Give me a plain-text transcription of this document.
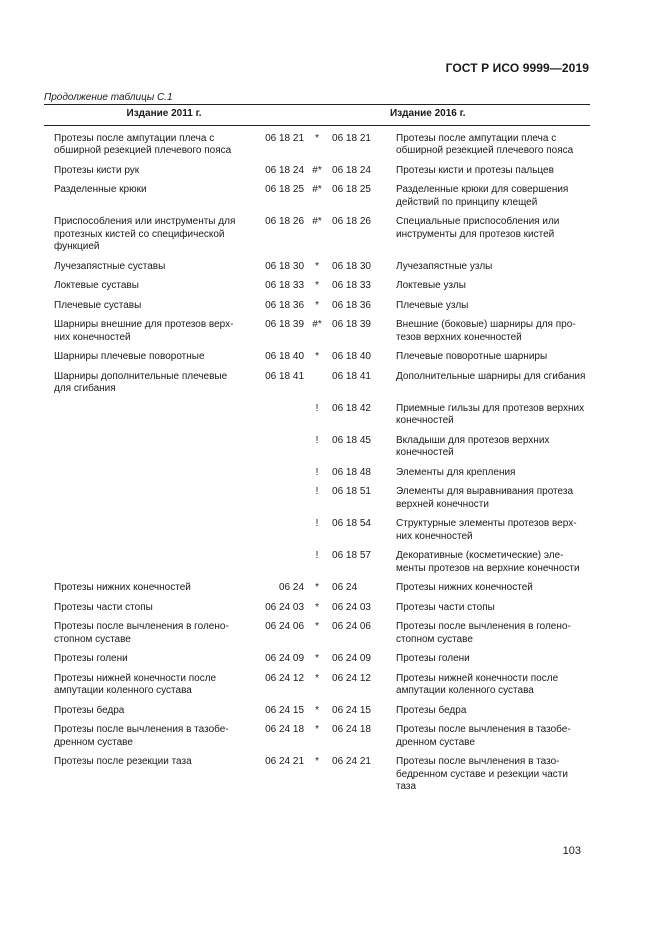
ГОСТ Р ИСО 9999—2019
Продолжение таблицы С.1
Издание 2011 г.			Издание 2016 г.	
Протезы после ампутации плеча с обширной резекцией плечевого пояса	06 18 21	*	06 18 21	Протезы после ампутации плеча с обширной резекцией плечевого пояса
Протезы кисти рук	06 18 24	#*	06 18 24	Протезы кисти и протезы пальцев
Разделенные крюки	06 18 25	#*	06 18 25	Разделенные крюки для совершения действий по принципу клещей
Приспособления или инструменты для протезных кистей со специфической функцией	06 18 26	#*	06 18 26	Специальные приспособления или инструменты для протезов кистей
Лучезапястные суставы	06 18 30	*	06 18 30	Лучезапястные узлы
Локтевые суставы	06 18 33	*	06 18 33	Локтевые узлы
Плечевые суставы	06 18 36	*	06 18 36	Плечевые узлы
Шарниры внешние для протезов верхних конечностей	06 18 39	#*	06 18 39	Внешние (боковые) шарниры для протезов верхних конечностей
Шарниры плечевые поворотные	06 18 40	*	06 18 40	Плечевые поворотные шарниры
Шарниры дополнительные плечевые для сгибания	06 18 41		06 18 41	Дополнительные шарниры для сгибания
		!	06 18 42	Приемные гильзы для протезов верхних конечностей
		!	06 18 45	Вкладыши для протезов верхних конечностей
		!	06 18 48	Элементы для крепления
		!	06 18 51	Элементы для выравнивания протеза верхней конечности
		!	06 18 54	Структурные элементы протезов верхних конечностей
		!	06 18 57	Декоративные (косметические) элементы протезов на верхние конечности
Протезы нижних конечностей	06 24	*	06 24	Протезы нижних конечностей
Протезы части стопы	06 24 03	*	06 24 03	Протезы части стопы
Протезы после вычленения в голеностопном суставе	06 24 06	*	06 24 06	Протезы после вычленения в голеностопном суставе
Протезы голени	06 24 09	*	06 24 09	Протезы голени
Протезы нижней конечности после ампутации коленного сустава	06 24 12	*	06 24 12	Протезы нижней конечности после ампутации коленного сустава
Протезы бедра	06 24 15	*	06 24 15	Протезы бедра
Протезы после вычленения в тазобедренном суставе	06 24 18	*	06 24 18	Протезы после вычленения в тазобедренном суставе
Протезы после резекции таза	06 24 21	*	06 24 21	Протезы после вычленения в тазобедренном суставе и резекции части таза
103
